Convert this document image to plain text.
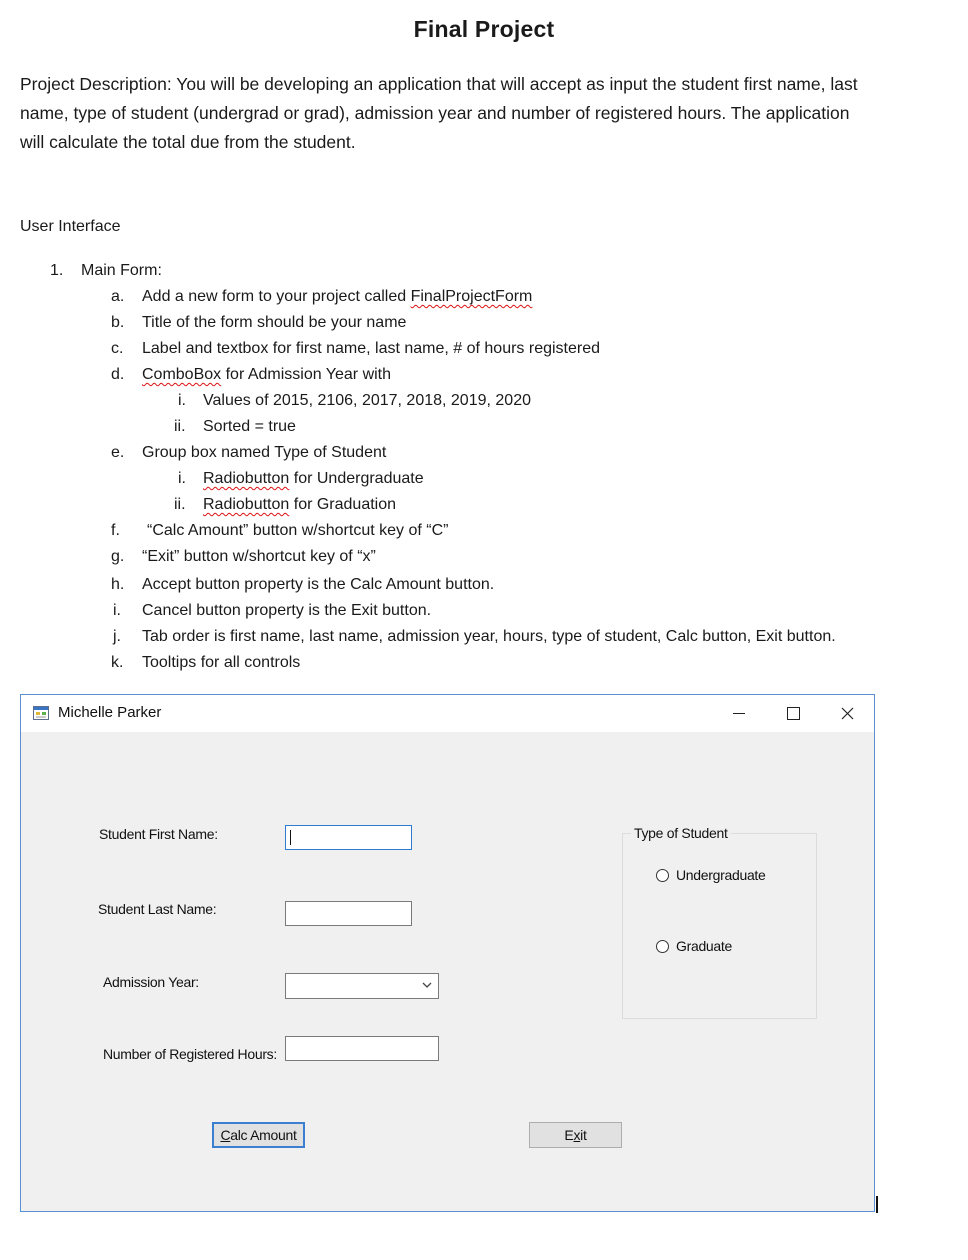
Final Project
Project Description: You will be developing an application that will accept as input the student first name, last
name, type of student (undergrad or grad), admission year and number of registered hours. The application
will calculate the total due from the student.
User Interface
1. Main Form:
a. Add a new form to your project called FinalProjectForm
b. Title of the form should be your name
c. Label and textbox for first name, last name, # of hours registered
d. ComboBox for Admission Year with
i. Values of 2015, 2106, 2017, 2018, 2019, 2020
ii. Sorted = true
e. Group box named Type of Student
i. Radiobutton for Undergraduate
ii. Radiobutton for Graduation
f. “Calc Amount” button w/shortcut key of “C”
g. “Exit” button w/shortcut key of “x”
h. Accept button property is the Calc Amount button.
i. Cancel button property is the Exit button.
j. Tab order is first name, last name, admission year, hours, type of student, Calc button, Exit button.
k. Tooltips for all controls
Michelle Parker
Student First Name:
Student Last Name:
Admission Year:
Number of Registered Hours:
Type of Student
Undergraduate
Graduate
Calc Amount	Exit
